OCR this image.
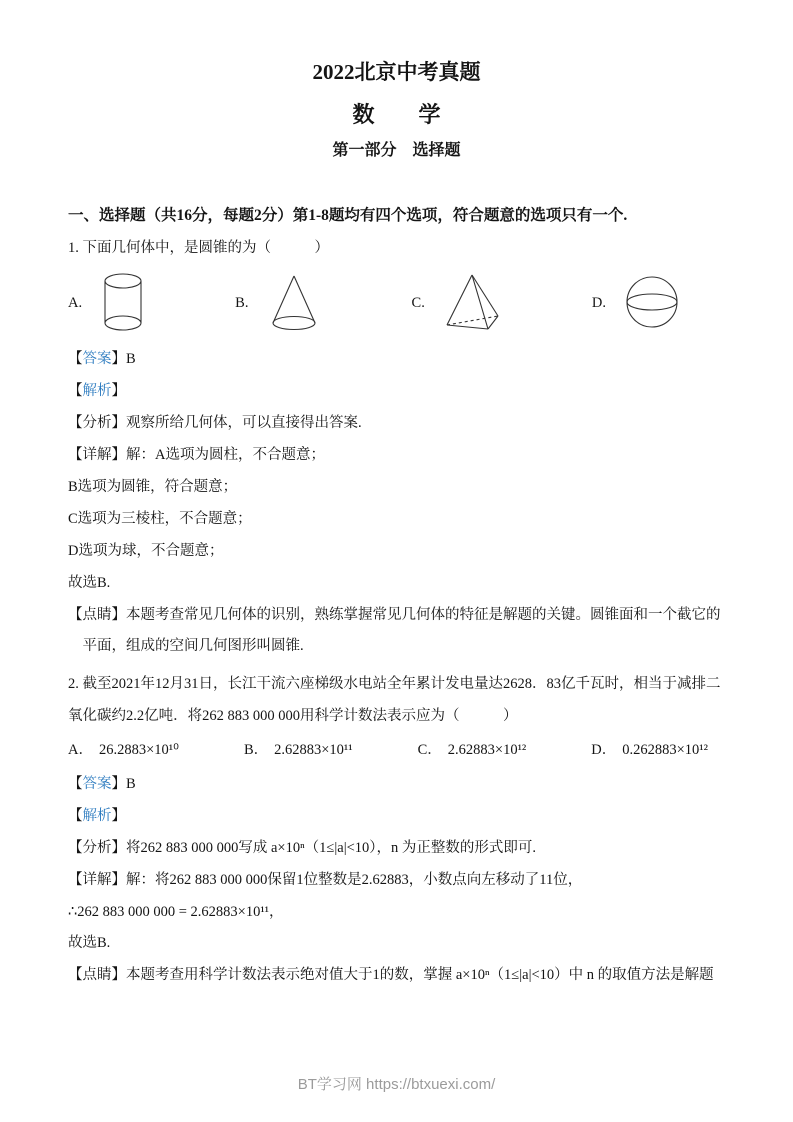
2022北京中考真题
数　　学
第一部分　选择题

一、选择题（共16分，每题2分）第1-8题均有四个选项，符合题意的选项只有一个.

1. 下面几何体中，是圆锥的为（　　　）

A.	B.	C.	D.

【答案】B

【解析】

【分析】观察所给几何体，可以直接得出答案.

【详解】解：A选项为圆柱，不合题意；

B选项为圆锥，符合题意；

C选项为三棱柱，不合题意；

D选项为球，不合题意；

故选B.

【点睛】本题考查常见几何体的识别，熟练掌握常见几何体的特征是解题的关键。圆锥面和一个截它的平面，组成的空间几何图形叫圆锥.

2. 截至2021年12月31日，长江干流六座梯级水电站全年累计发电量达2628．83亿千瓦时，相当于减排二氧化碳约2.2亿吨．将262 883 000 000用科学计数法表示应为（　　　）

A． 26.2883×10¹⁰	B． 2.62883×10¹¹	C． 2.62883×10¹²	D． 0.262883×10¹²

【答案】B

【解析】

【分析】将262 883 000 000写成 a×10ⁿ（1≤|a|<10），n 为正整数的形式即可.

【详解】解：将262 883 000 000保留1位整数是2.62883，小数点向左移动了11位，

∴262 883 000 000 = 2.62883×10¹¹，

故选B.

【点睛】本题考查用科学计数法表示绝对值大于1的数，掌握 a×10ⁿ（1≤|a|<10）中 n 的取值方法是解题

BT学习网 https://btxuexi.com/
